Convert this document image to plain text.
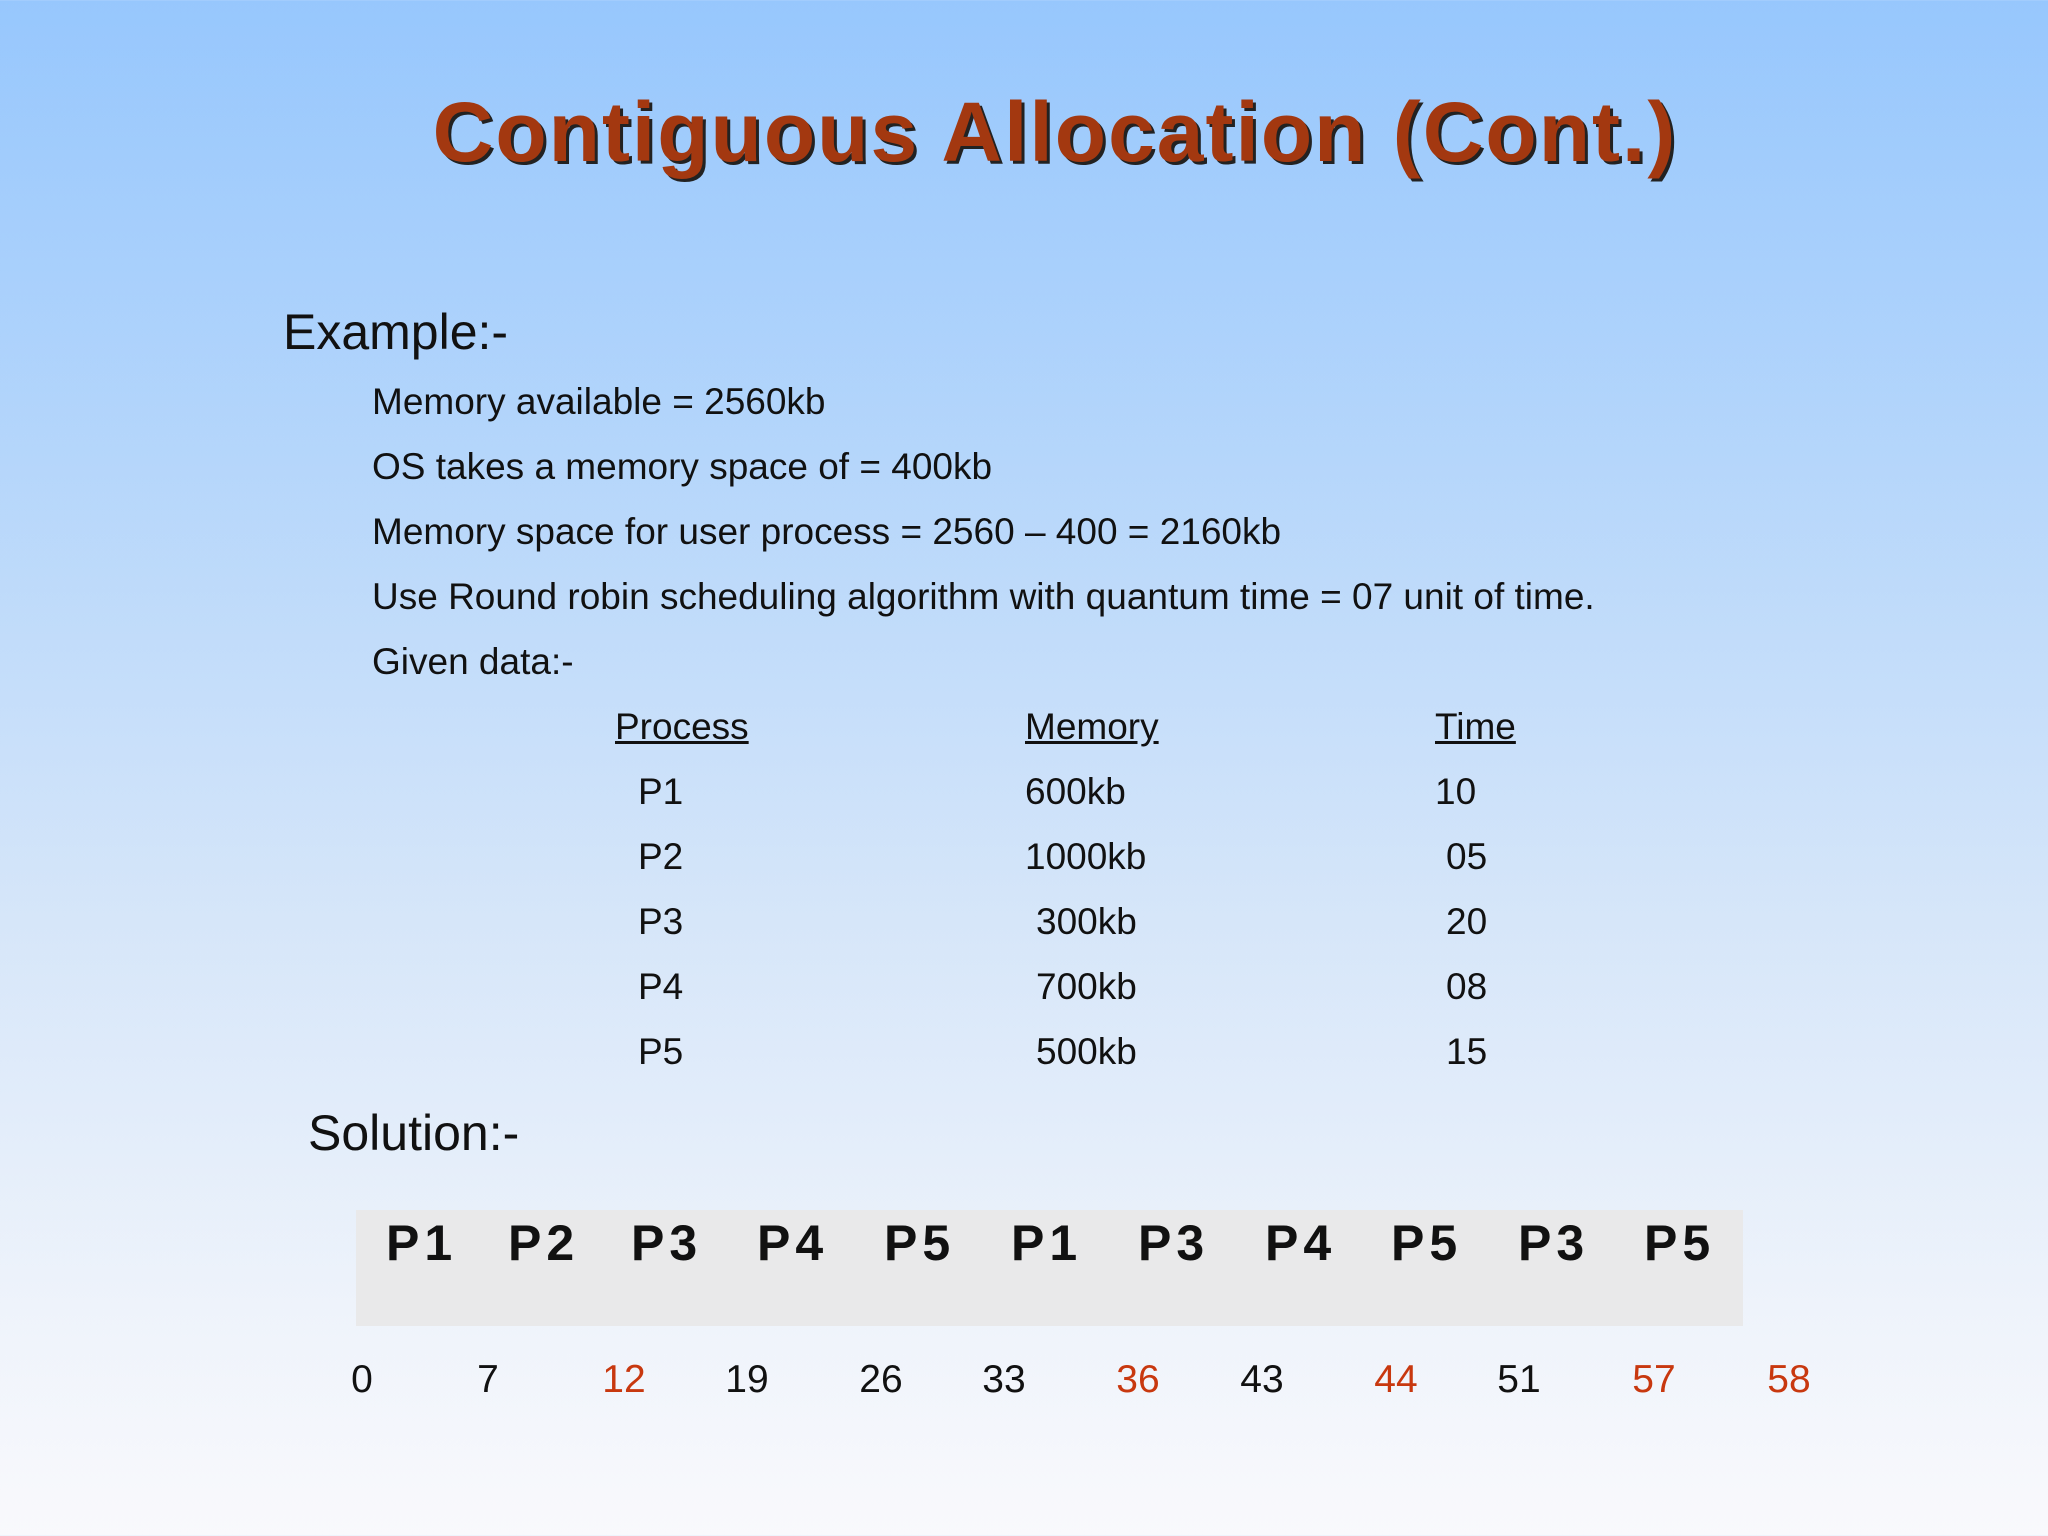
Contiguous Allocation (Cont.)
Example:-
Memory available = 2560kb
OS takes a memory space of = 400kb
Memory space for user process = 2560 – 400 = 2160kb
Use Round robin scheduling algorithm with quantum time = 07 unit of time.
Given data:-
Process	Memory	Time
P1	600kb	10
P2	1000kb	05
P3	300kb	20
P4	700kb	08
P5	500kb	15
Solution:-
P1 P2 P3 P4 P5 P1 P3 P4 P5 P3 P5
0	7	12	19	26	33	36	43	44	51	57	58
